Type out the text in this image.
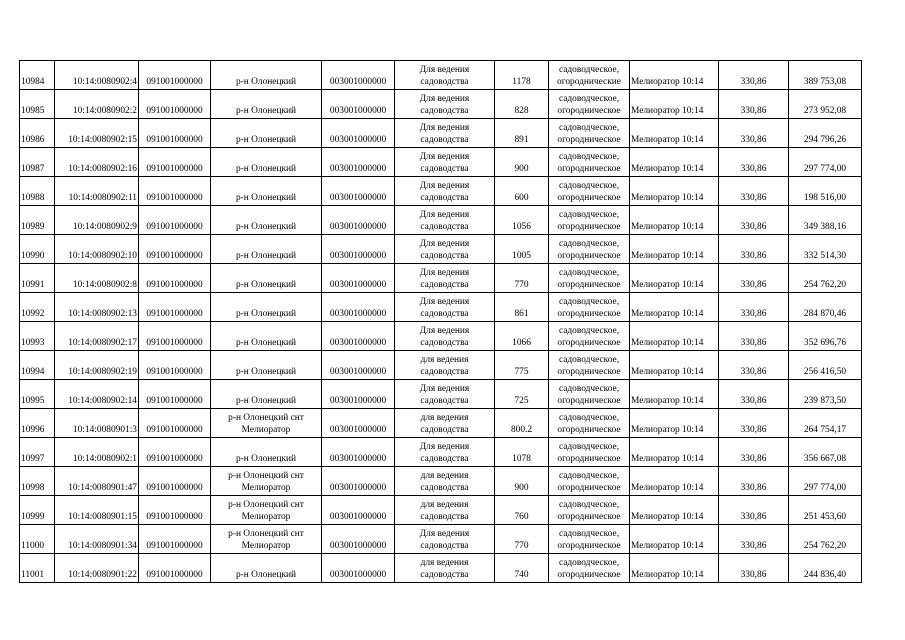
10984	10:14:0080902:4	091001000000	р-н Олонецкий	003001000000	Для ведения
садоводства	1178	садоводческое,
огороднические	Мелиоратор 10:14	330,86	389 753,08
10985	10:14:0080902:2	091001000000	р-н Олонецкий	003001000000	Для ведения
садоводства	828	садоводческое,
огородническое	Мелиоратор 10:14	330,86	273 952,08
10986	10:14:0080902:15	091001000000	р-н Олонецкий	003001000000	Для ведения
садоводства	891	садоводческое,
огородническое	Мелиоратор 10:14	330,86	294 796,26
10987	10:14:0080902:16	091001000000	р-н Олонецкий	003001000000	Для ведения
садоводства	900	садоводческое,
огородническое	Мелиоратор 10:14	330,86	297 774,00
10988	10:14:0080902:11	091001000000	р-н Олонецкий	003001000000	Для ведения
садоводства	600	садоводческое,
огородническое	Мелиоратор 10:14	330,86	198 516,00
10989	10:14:0080902:9	091001000000	р-н Олонецкий	003001000000	Для ведения
садоводства	1056	садоводческое,
огородническое	Мелиоратор 10:14	330,86	349 388,16
10990	10:14:0080902:10	091001000000	р-н Олонецкий	003001000000	Для ведения
садоводства	1005	садоводческое,
огородническое	Мелиоратор 10:14	330,86	332 514,30
10991	10:14:0080902:8	091001000000	р-н Олонецкий	003001000000	Для ведения
садоводства	770	садоводческое,
огородническое	Мелиоратор 10:14	330,86	254 762,20
10992	10:14:0080902:13	091001000000	р-н Олонецкий	003001000000	Для ведения
садоводства	861	садоводческое,
огородническое	Мелиоратор 10:14	330,86	284 870,46
10993	10:14:0080902:17	091001000000	р-н Олонецкий	003001000000	Для ведения
садоводства	1066	садоводческое,
огородническое	Мелиоратор 10:14	330,86	352 696,76
10994	10:14:0080902:19	091001000000	р-н Олонецкий	003001000000	для ведения
садоводства	775	садоводческое,
огородническое	Мелиоратор 10:14	330,86	256 416,50
10995	10:14:0080902:14	091001000000	р-н Олонецкий	003001000000	Для ведения
садоводства	725	садоводческое,
огородническое	Мелиоратор 10:14	330,86	239 873,50
10996	10:14:0080901:3	091001000000	р-н Олонецкий снт
Мелиоратор	003001000000	для ведения
садоводства	800.2	садоводческое,
огородническое	Мелиоратор 10:14	330,86	264 754,17
10997	10:14:0080902:1	091001000000	р-н Олонецкий	003001000000	Для ведения
садоводства	1078	садоводческое,
огородническое	Мелиоратор 10:14	330,86	356 667,08
10998	10:14:0080901:47	091001000000	р-н Олонецкий снт
Мелиоратор	003001000000	для ведения
садоводства	900	садоводческое,
огородническое	Мелиоратор 10:14	330,86	297 774,00
10999	10:14:0080901:15	091001000000	р-н Олонецкий снт
Мелиоратор	003001000000	для ведения
садоводства	760	садоводческое,
огородническое	Мелиоратор 10:14	330,86	251 453,60
11000	10:14:0080901:34	091001000000	р-н Олонецкий снт
Мелиоратор	003001000000	Для ведения
садоводства	770	садоводческое,
огородническое	Мелиоратор 10:14	330,86	254 762,20
11001	10:14:0080901:22	091001000000	р-н Олонецкий	003001000000	для ведения
садоводства	740	садоводческое,
огородническое	Мелиоратор 10:14	330,86	244 836,40
